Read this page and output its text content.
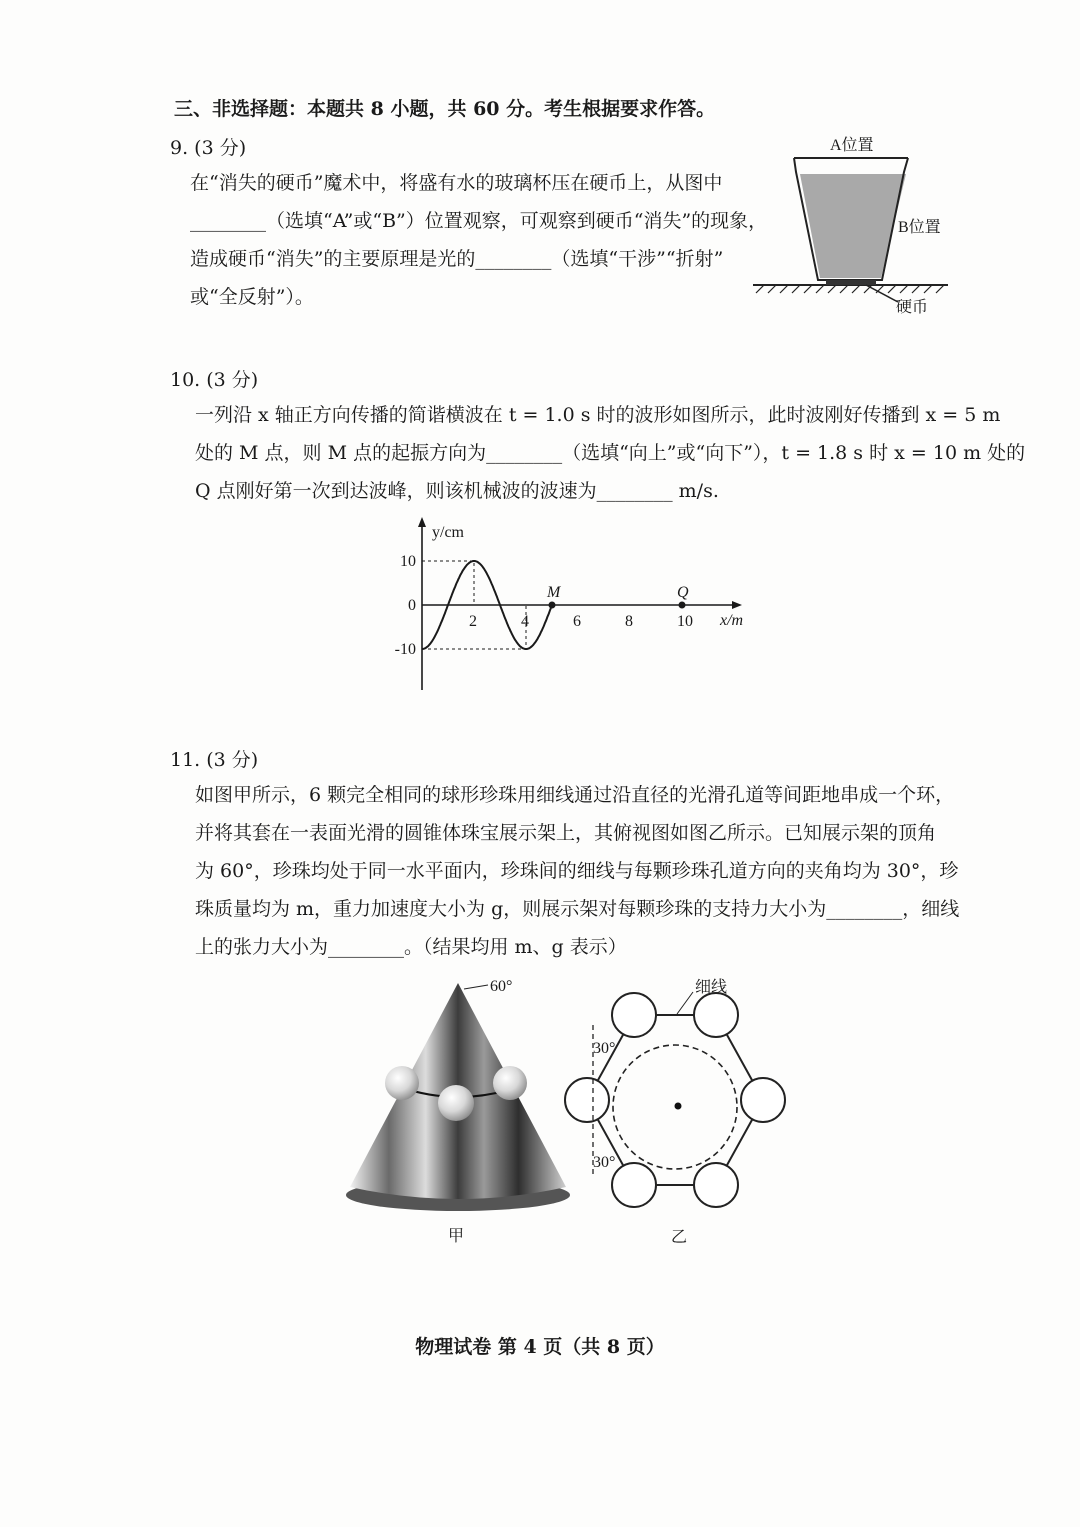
三、非选择题：本题共 8 小题，共 60 分。考生根据要求作答。
9. (3 分)
在“消失的硬币”魔术中，将盛有水的玻璃杯压在硬币上，从图中
________（选填“A”或“B”）位置观察，可观察到硬币“消失”的现象，
造成硬币“消失”的主要原理是光的________（选填“干涉”“折射”
或“全反射”）。
A位置
B位置
硬币
10. (3 分)
一列沿 x 轴正方向传播的简谐横波在 t = 1.0 s 时的波形如图所示，此时波刚好传播到 x = 5 m
处的 M 点，则 M 点的起振方向为________（选填“向上”或“向下”），t = 1.8 s 时 x = 10 m 处的
Q 点刚好第一次到达波峰，则该机械波的波速为________ m/s.
2	4	6	8	10
10
0
-10
M	Q
y/cm
x/m
11. (3 分)
如图甲所示，6 颗完全相同的球形珍珠用细线通过沿直径的光滑孔道等间距地串成一个环，
并将其套在一表面光滑的圆锥体珠宝展示架上，其俯视图如图乙所示。已知展示架的顶角
为 60°，珍珠均处于同一水平面内，珍珠间的细线与每颗珍珠孔道方向的夹角均为 30°，珍
珠质量均为 m，重力加速度大小为 g，则展示架对每颗珍珠的支持力大小为________，细线
上的张力大小为________。（结果均用 m、g 表示）
60°
甲
30°
30°
细线
乙
物理试卷 第 4 页（共 8 页）
